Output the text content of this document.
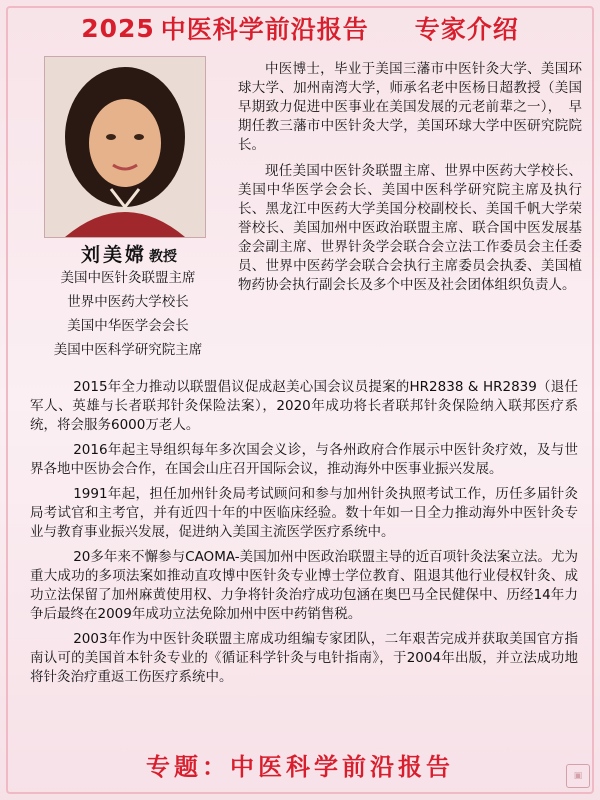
2025 中医科学前沿报告 专家介绍
刘美嫦 教授
美国中医针灸联盟主席
世界中医药大学校长
美国中华医学会会长
美国中医科学研究院主席

中医博士，毕业于美国三藩市中医针灸大学、美国环球大学、加州南湾大学，师承名老中医杨日超教授（美国早期致力促进中医事业在美国发展的元老前辈之一），　早期任教三藩市中医针灸大学，美国环球大学中医研究院院长。

现任美国中医针灸联盟主席、世界中医药大学校长、美国中华医学会会长、美国中医科学研究院主席及执行长、黑龙江中医药大学美国分校副校长、美国千帆大学荣誉校长、美国加州中医政治联盟主席、联合国中医发展基金会副主席、世界针灸学会联合会立法工作委员会主任委员、世界中医药学会联合会执行主席委员会执委、美国植物药协会执行副会长及多个中医及社会团体组织负责人。

2015年全力推动以联盟倡议促成赵美心国会议员提案的HR2838 & HR2839（退任军人、英雄与长者联邦针灸保险法案），2020年成功将长者联邦针灸保险纳入联邦医疗系统，将会服务6000万老人。

2016年起主导组织每年多次国会义诊，与各州政府合作展示中医针灸疗效，及与世界各地中医协会合作，在国会山庄召开国际会议，推动海外中医事业振兴发展。

1991年起，担任加州针灸局考试顾问和参与加州针灸执照考试工作，历任多届针灸局考试官和主考官，并有近四十年的中医临床经验。数十年如一日全力推动海外中医针灸专业与教育事业振兴发展，促进纳入美国主流医学医疗系统中。

20多年来不懈参与CAOMA-美国加州中医政治联盟主导的近百项针灸法案立法。尤为重大成功的多项法案如推动直攻博中医针灸专业博士学位教育、阻退其他行业侵权针灸、成功立法保留了加州麻黄使用权、力争将针灸治疗成功包涵在奥巴马全民健保中、历经14年力争后最终在2009年成功立法免除加州中医中药销售税。

2003年作为中医针灸联盟主席成功组编专家团队，二年艰苦完成并获取美国官方指南认可的美国首本针灸专业的《循证科学针灸与电针指南》，于2004年出版，并立法成功地将针灸治疗重返工伤医疗系统中。

专题：中医科学前沿报告	▣
